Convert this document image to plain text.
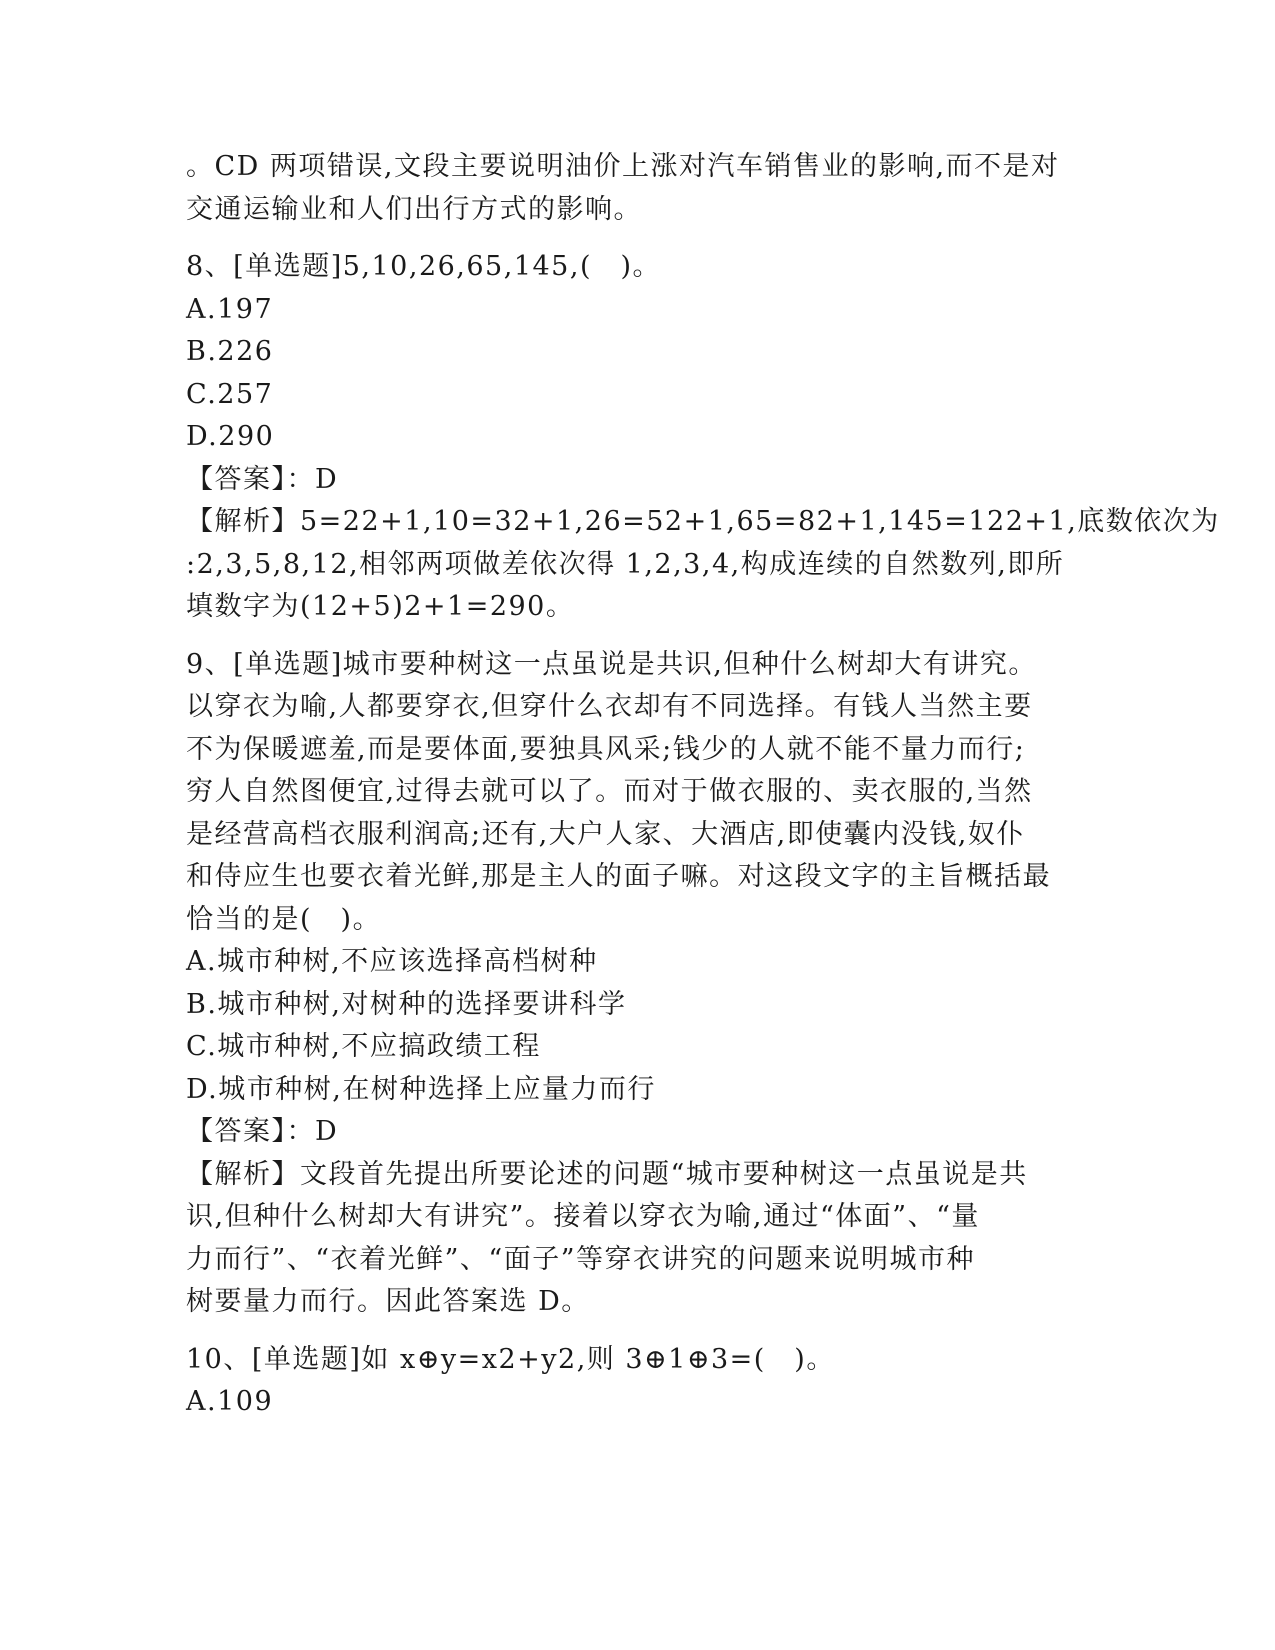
。CD 两项错误,文段主要说明油价上涨对汽车销售业的影响,而不是对
交通运输业和人们出行方式的影响。
8、[单选题]5,10,26,65,145,(　)。
A.197
B.226
C.257
D.290
【答案】：D
【解析】5=22+1,10=32+1,26=52+1,65=82+1,145=122+1,底数依次为
:2,3,5,8,12,相邻两项做差依次得 1,2,3,4,构成连续的自然数列,即所
填数字为(12+5)2+1=290。
9、[单选题]城市要种树这一点虽说是共识,但种什么树却大有讲究。
以穿衣为喻,人都要穿衣,但穿什么衣却有不同选择。有钱人当然主要
不为保暖遮羞,而是要体面,要独具风采;钱少的人就不能不量力而行;
穷人自然图便宜,过得去就可以了。而对于做衣服的、卖衣服的,当然
是经营高档衣服利润高;还有,大户人家、大酒店,即使囊内没钱,奴仆
和侍应生也要衣着光鲜,那是主人的面子嘛。对这段文字的主旨概括最
恰当的是(　)。
A.城市种树,不应该选择高档树种
B.城市种树,对树种的选择要讲科学
C.城市种树,不应搞政绩工程
D.城市种树,在树种选择上应量力而行
【答案】：D
【解析】文段首先提出所要论述的问题“城市要种树这一点虽说是共
识,但种什么树却大有讲究”。接着以穿衣为喻,通过“体面”、“量
力而行”、“衣着光鲜”、“面子”等穿衣讲究的问题来说明城市种
树要量力而行。因此答案选 D。
10、[单选题]如 x⊕y=x2+y2,则 3⊕1⊕3=(　)。
A.109
